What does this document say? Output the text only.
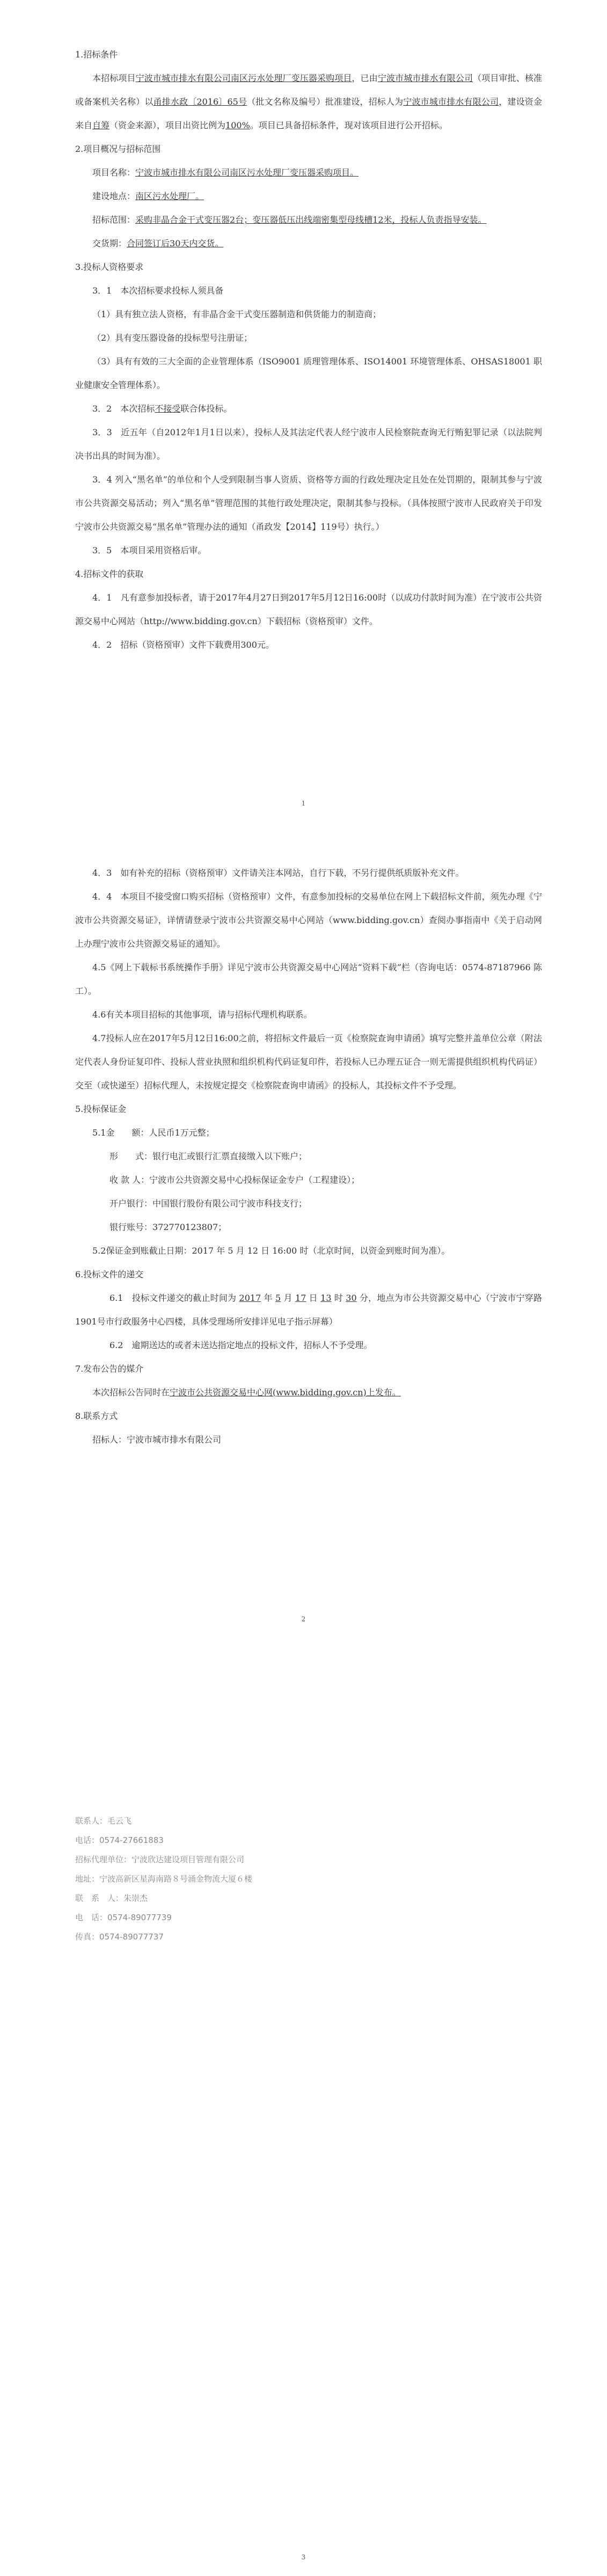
1.招标条件

本招标项目宁波市城市排水有限公司南区污水处理厂变压器采购项目，已由宁波市城市排水有限公司（项目审批、核准或备案机关名称）以甬排水政〔2016〕65号（批文名称及编号）批准建设，招标人为宁波市城市排水有限公司，建设资金来自自筹（资金来源），项目出资比例为100%。项目已具备招标条件，现对该项目进行公开招标。

2.项目概况与招标范围

项目名称：宁波市城市排水有限公司南区污水处理厂变压器采购项目。

建设地点：南区污水处理厂。

招标范围：采购非晶合金干式变压器2台；变压器低压出线端密集型母线槽12米，投标人负责指导安装。

交货期：合同签订后30天内交货。

3.投标人资格要求

3．1　本次招标要求投标人须具备

（1）具有独立法人资格，有非晶合金干式变压器制造和供货能力的制造商；

（2）具有变压器设备的投标型号注册证；

（3）具有有效的三大全面的企业管理体系（ISO9001 质理管理体系、ISO14001 环境管理体系、OHSAS18001 职业健康安全管理体系）。

3．2　本次招标不接受联合体投标。

3．3　近五年（自2012年1月1日以来），投标人及其法定代表人经宁波市人民检察院查询无行贿犯罪记录（以法院判决书出具的时间为准）。

3．4 列入“黑名单”的单位和个人受到限制当事人资质、资格等方面的行政处理决定且处在处罚期的，限制其参与宁波市公共资源交易活动；列入“黑名单”管理范围的其他行政处理决定，限制其参与投标。（具体按照宁波市人民政府关于印发宁波市公共资源交易“黑名单”管理办法的通知（甬政发【2014】119号）执行。）

3．5　本项目采用资格后审。

4.招标文件的获取

4．1　凡有意参加投标者，请于2017年4月27日到2017年5月12日16:00时（以成功付款时间为准）在宁波市公共资源交易中心网站（http://www.bidding.gov.cn）下载招标（资格预审）文件。

4．2　招标（资格预审）文件下载费用300元。

1

4．3　如有补充的招标（资格预审）文件请关注本网站，自行下载，不另行提供纸质版补充文件。

4．4　本项目不接受窗口购买招标（资格预审）文件，有意参加投标的交易单位在网上下载招标文件前，须先办理《宁波市公共资源交易证》，详情请登录宁波市公共资源交易中心网站（www.bidding.gov.cn）查阅办事指南中《关于启动网上办理宁波市公共资源交易证的通知》。

4.5《网上下载标书系统操作手册》详见宁波市公共资源交易中心网站“资料下载”栏（咨询电话：0574-87187966 陈工）。

4.6有关本项目招标的其他事项，请与招标代理机构联系。

4.7投标人应在2017年5月12日16:00之前，将招标文件最后一页《检察院查询申请函》填写完整并盖单位公章（附法定代表人身份证复印件、投标人营业执照和组织机构代码证复印件，若投标人已办理五证合一则无需提供组织机构代码证）交至（或快递至）招标代理人，未按规定提交《检察院查询申请函》的投标人，其投标文件不予受理。

5.投标保证金

5.1金　　额：人民币1万元整；

形　　式：银行电汇或银行汇票直接缴入以下账户；

收 款 人：宁波市公共资源交易中心投标保证金专户（工程建设）；

开户银行：中国银行股份有限公司宁波市科技支行；

银行账号：372770123807；

5.2保证金到账截止日期：2017 年 5 月 12 日 16:00 时（北京时间，以资金到账时间为准）。

6.投标文件的递交

6.1　投标文件递交的截止时间为 2017 年 5 月 17 日 13 时 30 分，地点为市公共资源交易中心（宁波市宁穿路1901号市行政服务中心四楼，具体受理场所安排详见电子指示屏幕）

6.2　逾期送达的或者未送达指定地点的投标文件，招标人不予受理。

7.发布公告的媒介

本次招标公告同时在宁波市公共资源交易中心网(www.bidding.gov.cn)上发布。

8.联系方式

招标人：宁波市城市排水有限公司

2

联系人：毛云飞

电话：0574-27661883

招标代理单位：宁波欣达建设项目管理有限公司

地址：宁波高新区星海南路８号涌金物流大厦６楼

联　系　人：朱崇杰

电　话：0574-89077739

传真：0574-89077737

3
